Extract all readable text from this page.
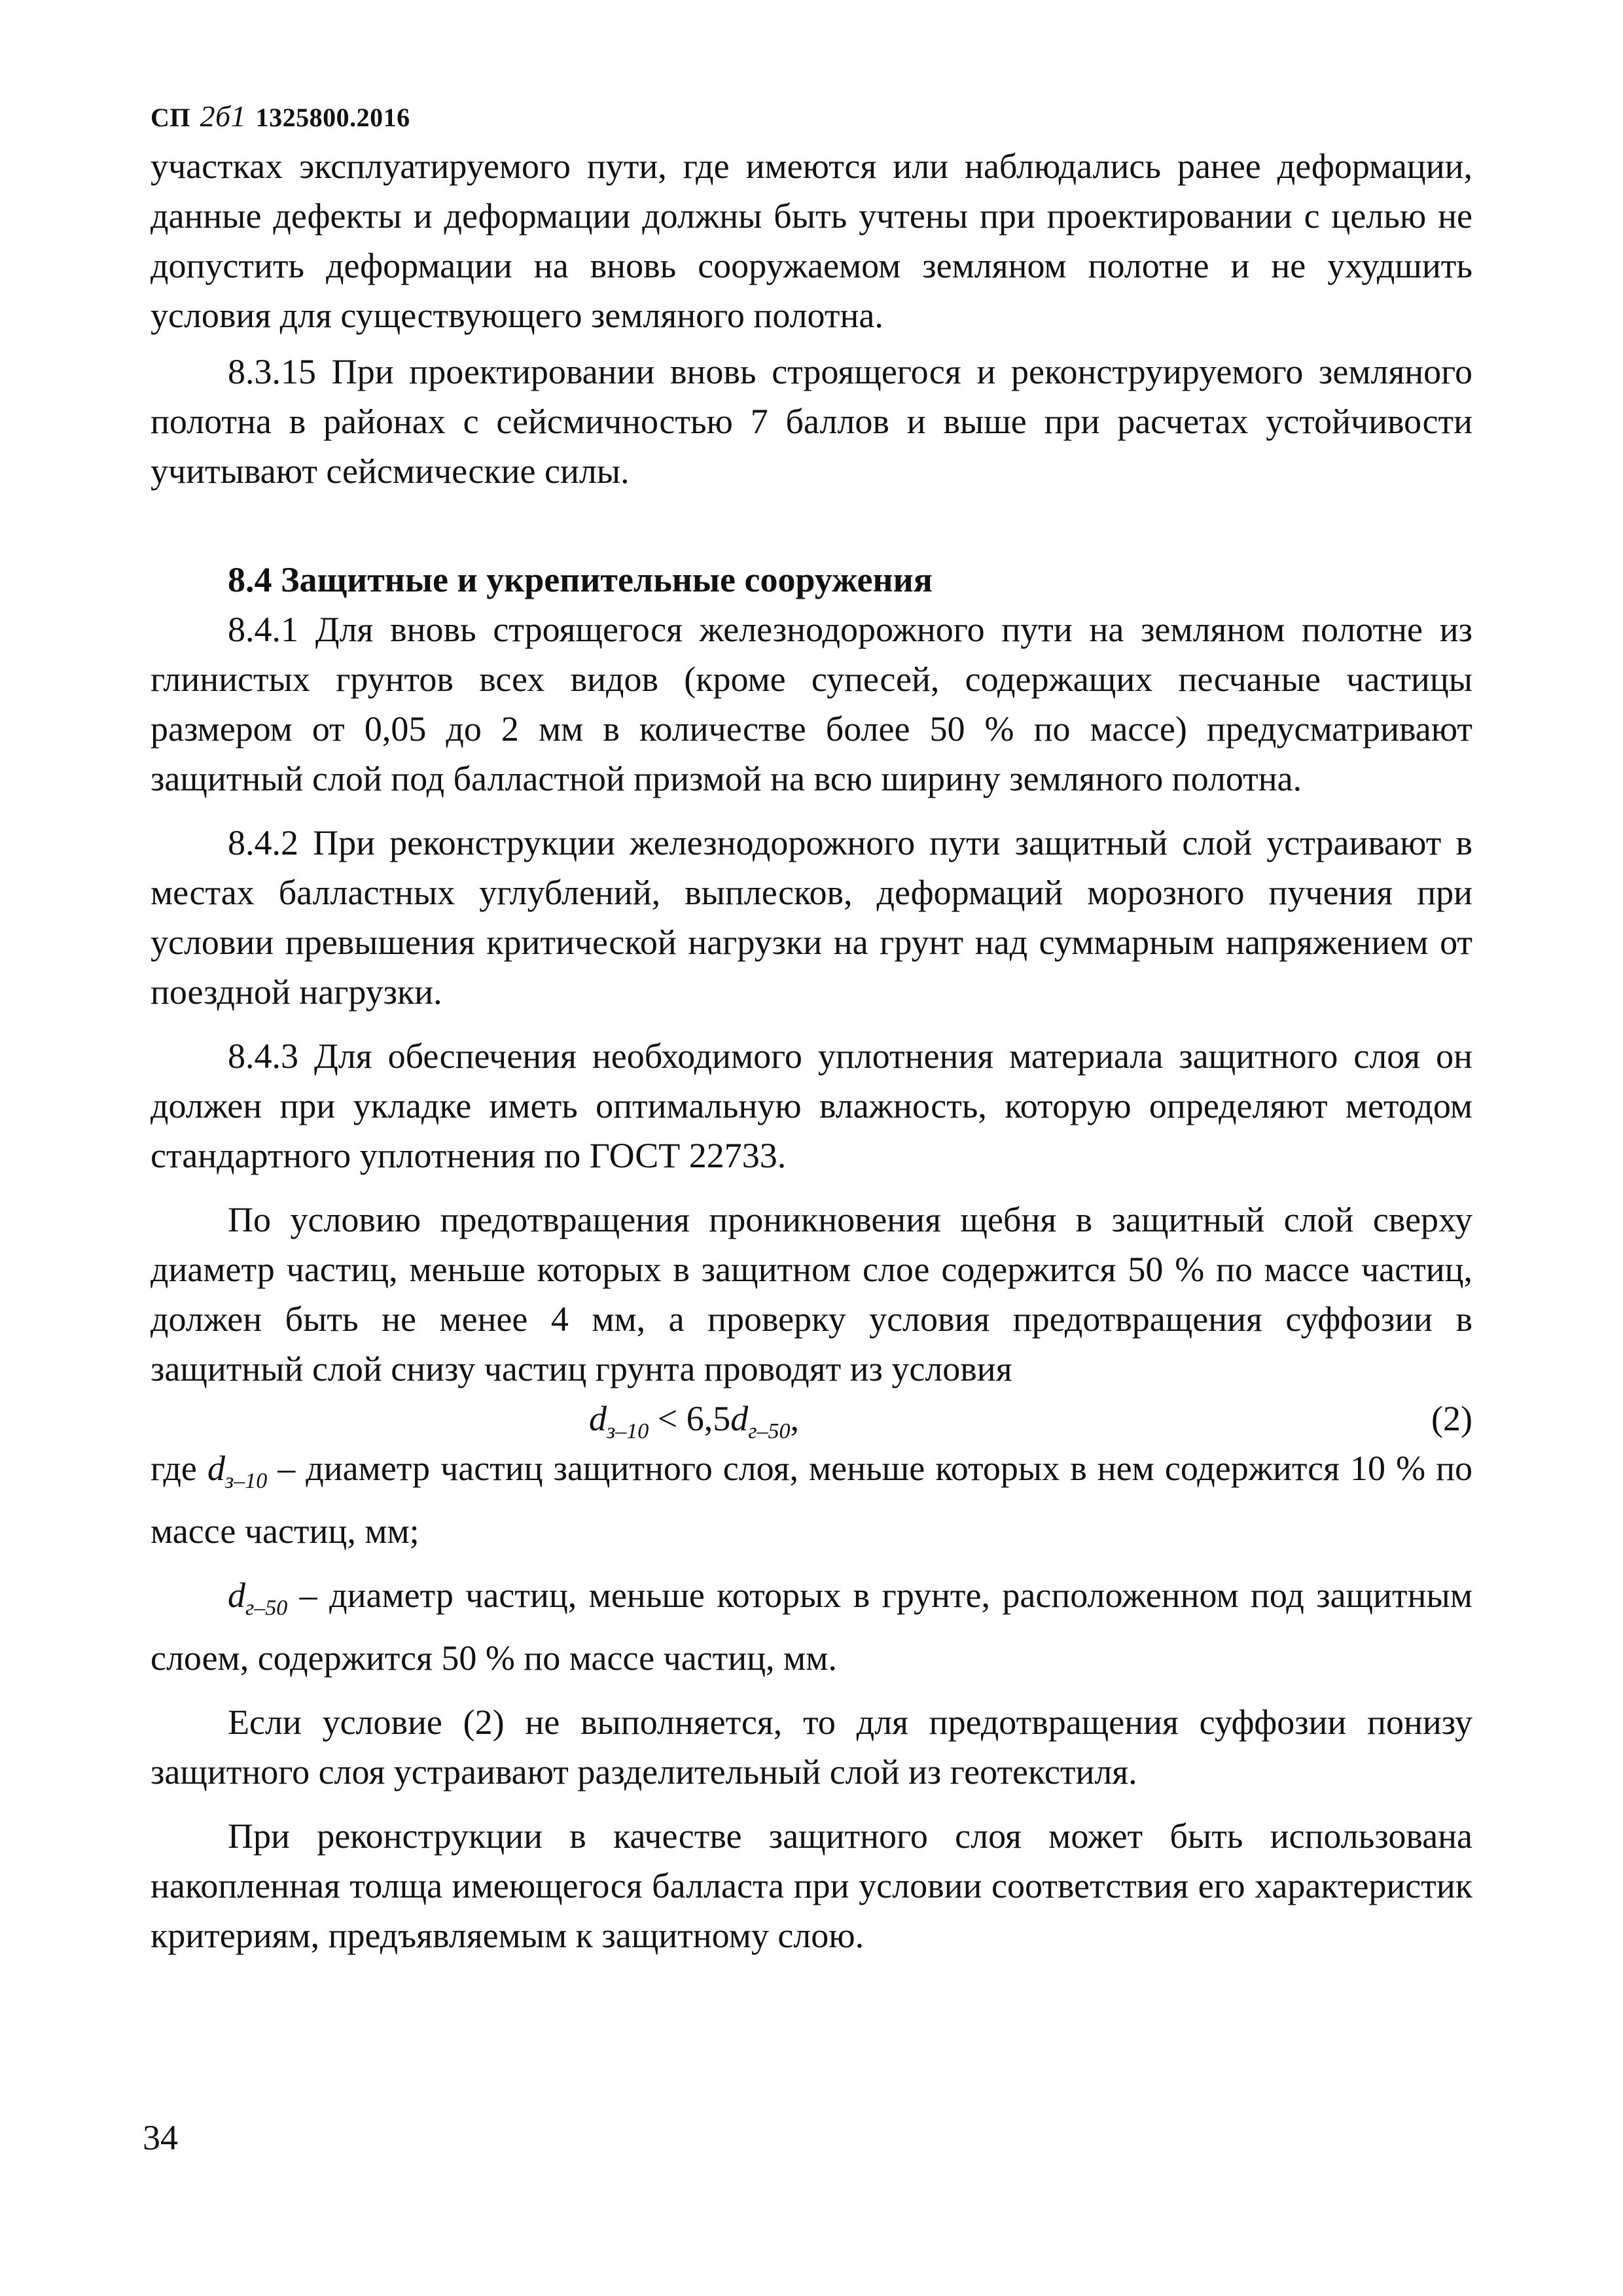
СП 2б1 1325800.2016

участках эксплуатируемого пути, где имеются или наблюдались ранее деформации, данные дефекты и деформации должны быть учтены при проектировании с целью не допустить деформации на вновь сооружаемом земляном полотне и не ухудшить условия для существующего земляного полотна.

8.3.15 При проектировании вновь строящегося и реконструируемого земляного полотна в районах с сейсмичностью 7 баллов и выше при расчетах устойчивости учитывают сейсмические силы.

8.4 Защитные и укрепительные сооружения

8.4.1 Для вновь строящегося железнодорожного пути на земляном полотне из глинистых грунтов всех видов (кроме супесей, содержащих песчаные частицы размером от 0,05 до 2 мм в количестве более 50 % по массе) предусматривают защитный слой под балластной призмой на всю ширину земляного полотна.

8.4.2 При реконструкции железнодорожного пути защитный слой устраивают в местах балластных углублений, выплесков, деформаций морозного пучения при условии превышения критической нагрузки на грунт над суммарным напряжением от поездной нагрузки.

8.4.3 Для обеспечения необходимого уплотнения материала защитного слоя он должен при укладке иметь оптимальную влажность, которую определяют методом стандартного уплотнения по ГОСТ 22733.

По условию предотвращения проникновения щебня в защитный слой сверху диаметр частиц, меньше которых в защитном слое содержится 50 % по массе частиц, должен быть не менее 4 мм, а проверку условия предотвращения суффозии в защитный слой снизу частиц грунта проводят из условия

$d_{з-10} < 6,5d_{г-50}$,	(2)

где $d_{з-10}$ – диаметр частиц защитного слоя, меньше которых в нем содержится 10 % по массе частиц, мм;

$d_{г-50}$ – диаметр частиц, меньше которых в грунте, расположенном под защитным слоем, содержится 50 % по массе частиц, мм.

Если условие (2) не выполняется, то для предотвращения суффозии понизу защитного слоя устраивают разделительный слой из геотекстиля.

При реконструкции в качестве защитного слоя может быть использована накопленная толща имеющегося балласта при условии соответствия его характеристик критериям, предъявляемым к защитному слою.

34
